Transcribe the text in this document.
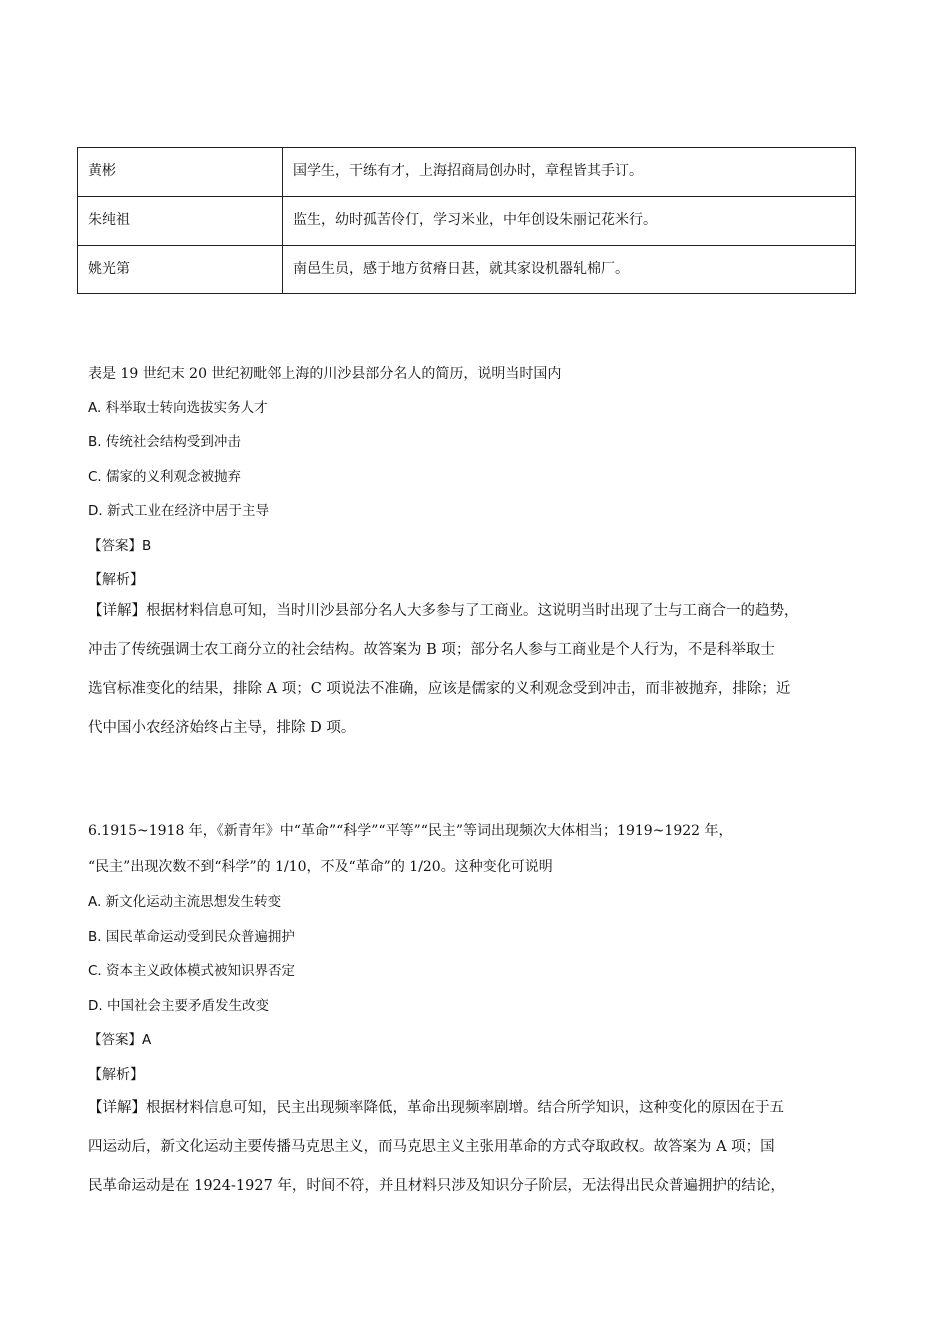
黄彬	国学生，干练有才，上海招商局创办时，章程皆其手订。
朱纯祖	监生，幼时孤苦伶仃，学习米业，中年创设朱丽记花米行。
姚光第	南邑生员，感于地方贫瘠日甚，就其家设机器轧棉厂。
表是 19 世纪末 20 世纪初毗邻上海的川沙县部分名人的简历，说明当时国内
A. 科举取士转向选拔实务人才
B. 传统社会结构受到冲击
C. 儒家的义利观念被抛弃
D. 新式工业在经济中居于主导
【答案】B
【解析】

【详解】根据材料信息可知，当时川沙县部分名人大多参与了工商业。这说明当时出现了士与工商合一的趋势，

冲击了传统强调士农工商分立的社会结构。故答案为 B 项；部分名人参与工商业是个人行为，不是科举取士

选官标准变化的结果，排除 A 项；C 项说法不准确，应该是儒家的义利观念受到冲击，而非被抛弃，排除；近

代中国小农经济始终占主导，排除 D 项。

6.1915~1918 年，《新青年》中“革命”“科学”“平等”“民主”等词出现频次大体相当；1919~1922 年，
“民主”出现次数不到“科学”的 1/10，不及“革命”的 1/20。这种变化可说明
A. 新文化运动主流思想发生转变
B. 国民革命运动受到民众普遍拥护
C. 资本主义政体模式被知识界否定
D. 中国社会主要矛盾发生改变
【答案】A
【解析】

【详解】根据材料信息可知，民主出现频率降低，革命出现频率剧增。结合所学知识，这种变化的原因在于五

四运动后，新文化运动主要传播马克思主义，而马克思主义主张用革命的方式夺取政权。故答案为 A 项；国

民革命运动是在 1924-1927 年，时间不符，并且材料只涉及知识分子阶层，无法得出民众普遍拥护的结论，
